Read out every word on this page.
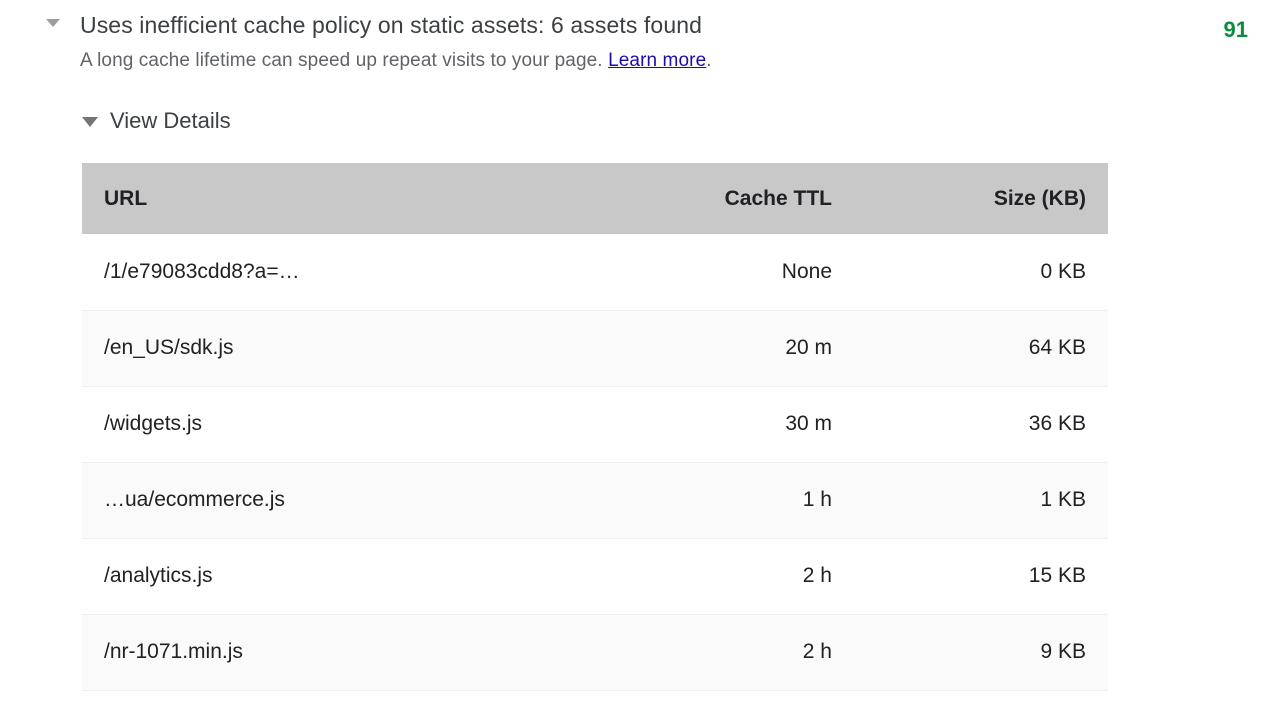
Uses inefficient cache policy on static assets: 6 assets found
A long cache lifetime can speed up repeat visits to your page. Learn more.
91
View Details
URL	Cache TTL	Size (KB)
/1/e79083cdd8?a=…	None	0 KB
/en_US/sdk.js	20 m	64 KB
/widgets.js	30 m	36 KB
…ua/ecommerce.js	1 h	1 KB
/analytics.js	2 h	15 KB
/nr-1071.min.js	2 h	9 KB
